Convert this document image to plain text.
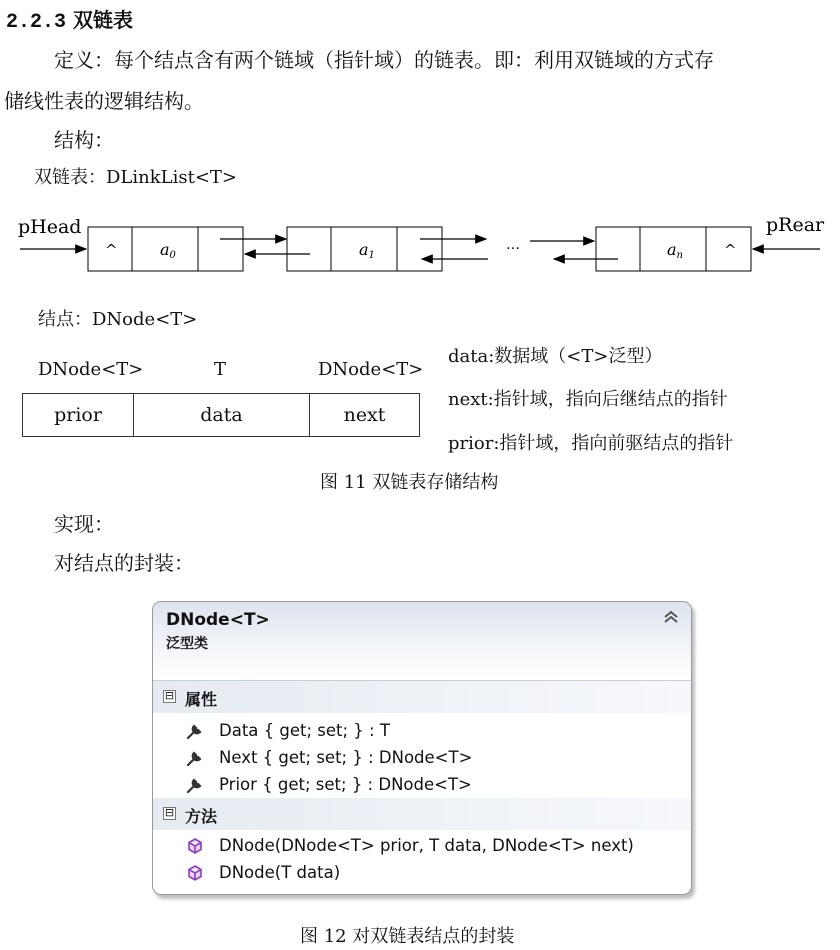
2.2.3 双链表
定义：每个结点含有两个链域（指针域）的链表。即：利用双链域的方式存
储线性表的逻辑结构。
结构：
双链表：DLinkList<T>
pHead
^	a0	a1
…	an	^
pRear
结点：DNode<T>
DNode<T>	T	DNode<T>
prior	data	next
data:数据域（<T>泛型）
next:指针域，指向后继结点的指针
prior:指针域，指向前驱结点的指针
图 11 双链表存储结构
实现：
对结点的封装：
DNode<T>
泛型类
⊟ 属性
Data { get; set; } : T
Next { get; set; } : DNode<T>
Prior { get; set; } : DNode<T>
⊟ 方法
DNode(DNode<T> prior, T data, DNode<T> next)
DNode(T data)
图 12 对双链表结点的封装
